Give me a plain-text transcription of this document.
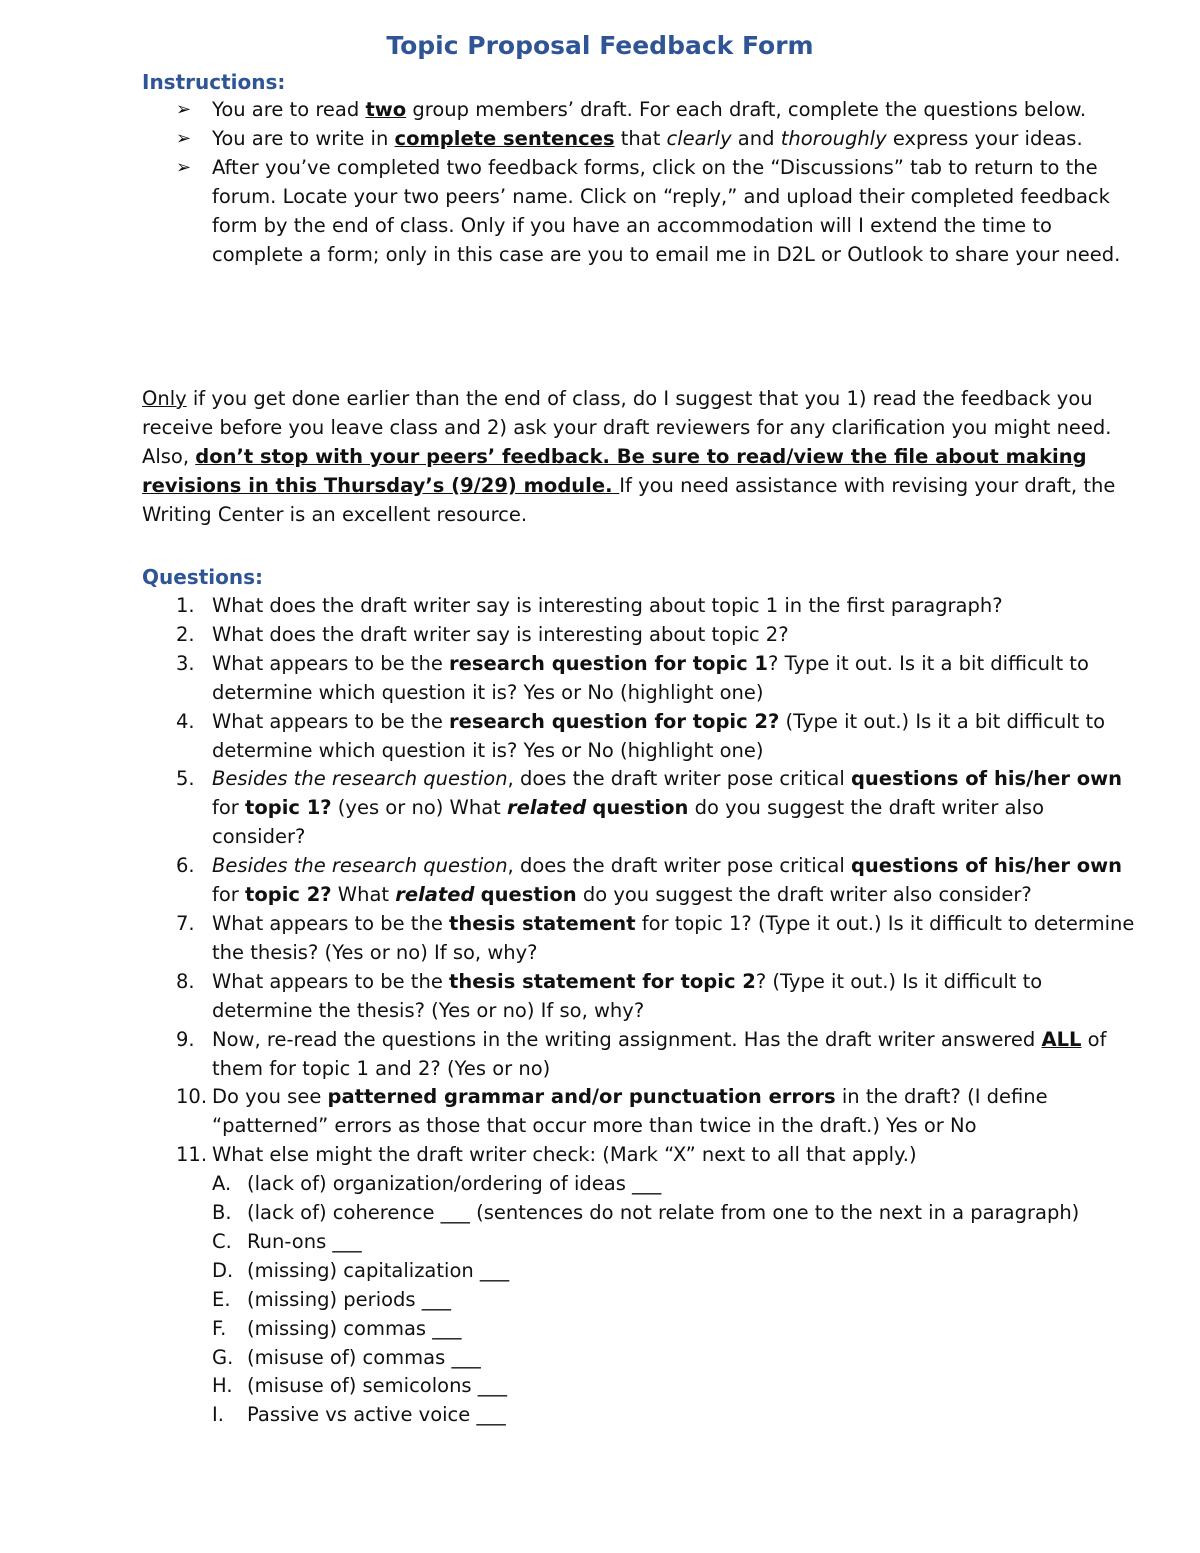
Topic Proposal Feedback Form
Instructions:
➢ You are to read two group members’ draft. For each draft, complete the questions below.
➢ You are to write in complete sentences that clearly and thoroughly express your ideas.
➢ After you’ve completed two feedback forms, click on the “Discussions” tab to return to the forum. Locate your two peers’ name. Click on “reply,” and upload their completed feedback form by the end of class. Only if you have an accommodation will I extend the time to complete a form; only in this case are you to email me in D2L or Outlook to share your need.

Only if you get done earlier than the end of class, do I suggest that you 1) read the feedback you receive before you leave class and 2) ask your draft reviewers for any clarification you might need. Also, don’t stop with your peers’ feedback. Be sure to read/view the file about making revisions in this Thursday’s (9/29) module. If you need assistance with revising your draft, the Writing Center is an excellent resource.

Questions:
1. What does the draft writer say is interesting about topic 1 in the first paragraph?
2. What does the draft writer say is interesting about topic 2?
3. What appears to be the research question for topic 1? Type it out. Is it a bit difficult to determine which question it is? Yes or No (highlight one)
4. What appears to be the research question for topic 2? (Type it out.) Is it a bit difficult to determine which question it is? Yes or No (highlight one)
5. Besides the research question, does the draft writer pose critical questions of his/her own for topic 1? (yes or no) What related question do you suggest the draft writer also consider?
6. Besides the research question, does the draft writer pose critical questions of his/her own for topic 2? What related question do you suggest the draft writer also consider?
7. What appears to be the thesis statement for topic 1? (Type it out.) Is it difficult to determine the thesis? (Yes or no) If so, why?
8. What appears to be the thesis statement for topic 2? (Type it out.) Is it difficult to determine the thesis? (Yes or no) If so, why?
9. Now, re-read the questions in the writing assignment. Has the draft writer answered ALL of them for topic 1 and 2? (Yes or no)
10. Do you see patterned grammar and/or punctuation errors in the draft? (I define “patterned” errors as those that occur more than twice in the draft.) Yes or No
11. What else might the draft writer check: (Mark “X” next to all that apply.)
A. (lack of) organization/ordering of ideas ___
B. (lack of) coherence ___ (sentences do not relate from one to the next in a paragraph)
C. Run-ons ___
D. (missing) capitalization ___
E. (missing) periods ___
F. (missing) commas ___
G. (misuse of) commas ___
H. (misuse of) semicolons ___
I. Passive vs active voice ___
